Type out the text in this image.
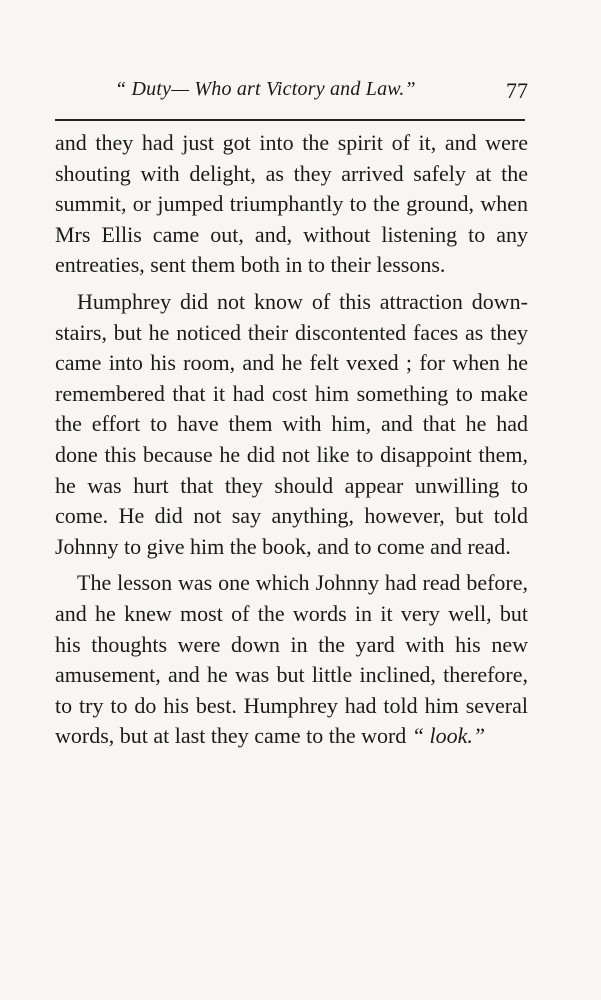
“ Duty— Who art Victory and Law.”	77

and they had just got into the spirit of it, and were shouting with delight, as they arrived safely at the summit, or jumped triumphantly to the ground, when Mrs Ellis came out, and, without listening to any entreaties, sent them both in to their lessons.

Humphrey did not know of this attraction down-stairs, but he noticed their discontented faces as they came into his room, and he felt vexed ; for when he remembered that it had cost him something to make the effort to have them with him, and that he had done this because he did not like to disappoint them, he was hurt that they should appear unwilling to come. He did not say anything, however, but told Johnny to give him the book, and to come and read.

The lesson was one which Johnny had read before, and he knew most of the words in it very well, but his thoughts were down in the yard with his new amusement, and he was but little inclined, therefore, to try to do his best. Humphrey had told him several words, but at last they came to the word “ look.”
